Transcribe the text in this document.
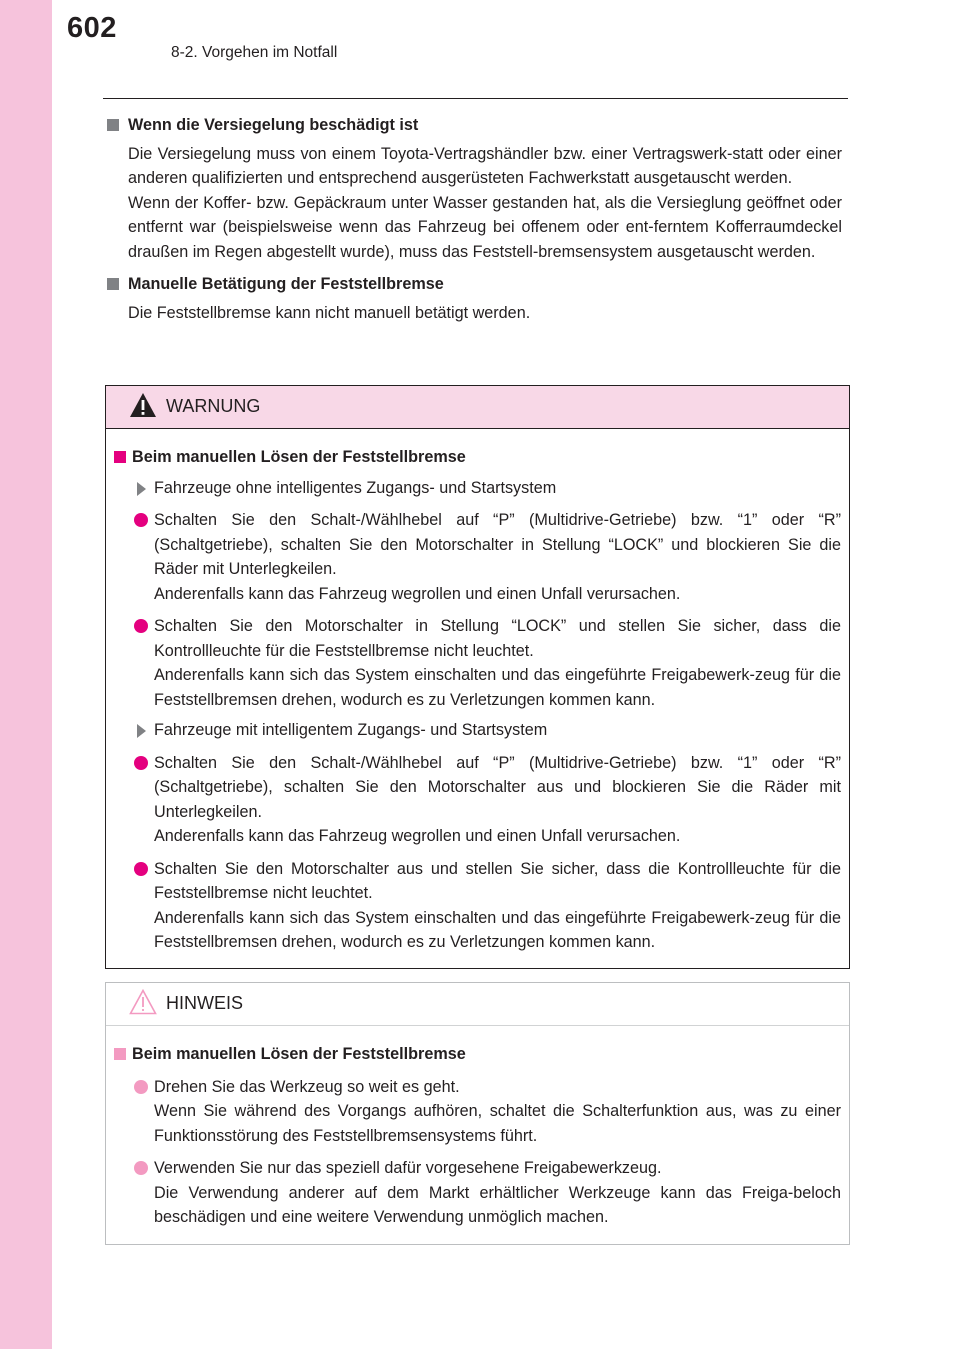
602
8-2. Vorgehen im Notfall

Wenn die Versiegelung beschädigt ist

Die Versiegelung muss von einem Toyota-Vertragshändler bzw. einer Vertragswerk-statt oder einer anderen qualifizierten und entsprechend ausgerüsteten Fachwerkstatt ausgetauscht werden.
Wenn der Koffer- bzw. Gepäckraum unter Wasser gestanden hat, als die Versieglung geöffnet oder entfernt war (beispielsweise wenn das Fahrzeug bei offenem oder ent-ferntem Kofferraumdeckel draußen im Regen abgestellt wurde), muss das Feststell-bremsensystem ausgetauscht werden.

Manuelle Betätigung der Feststellbremse

Die Feststellbremse kann nicht manuell betätigt werden.
WARNUNG

Beim manuellen Lösen der Feststellbremse

Fahrzeuge ohne intelligentes Zugangs- und Startsystem
Schalten Sie den Schalt-/Wählhebel auf “P” (Multidrive-Getriebe) bzw. “1” oder “R” (Schaltgetriebe), schalten Sie den Motorschalter in Stellung “LOCK” und blockieren Sie die Räder mit Unterlegkeilen.
Anderenfalls kann das Fahrzeug wegrollen und einen Unfall verursachen.
Schalten Sie den Motorschalter in Stellung “LOCK” und stellen Sie sicher, dass die Kontrollleuchte für die Feststellbremse nicht leuchtet.
Anderenfalls kann sich das System einschalten und das eingeführte Freigabewerk-zeug für die Feststellbremsen drehen, wodurch es zu Verletzungen kommen kann.
Fahrzeuge mit intelligentem Zugangs- und Startsystem
Schalten Sie den Schalt-/Wählhebel auf “P” (Multidrive-Getriebe) bzw. “1” oder “R” (Schaltgetriebe), schalten Sie den Motorschalter aus und blockieren Sie die Räder mit Unterlegkeilen.
Anderenfalls kann das Fahrzeug wegrollen und einen Unfall verursachen.
Schalten Sie den Motorschalter aus und stellen Sie sicher, dass die Kontrollleuchte für die Feststellbremse nicht leuchtet.
Anderenfalls kann sich das System einschalten und das eingeführte Freigabewerk-zeug für die Feststellbremsen drehen, wodurch es zu Verletzungen kommen kann.
HINWEIS

Beim manuellen Lösen der Feststellbremse

Drehen Sie das Werkzeug so weit es geht.
Wenn Sie während des Vorgangs aufhören, schaltet die Schalterfunktion aus, was zu einer Funktionsstörung des Feststellbremsensystems führt.
Verwenden Sie nur das speziell dafür vorgesehene Freigabewerkzeug.
Die Verwendung anderer auf dem Markt erhältlicher Werkzeuge kann das Freiga-beloch beschädigen und eine weitere Verwendung unmöglich machen.
